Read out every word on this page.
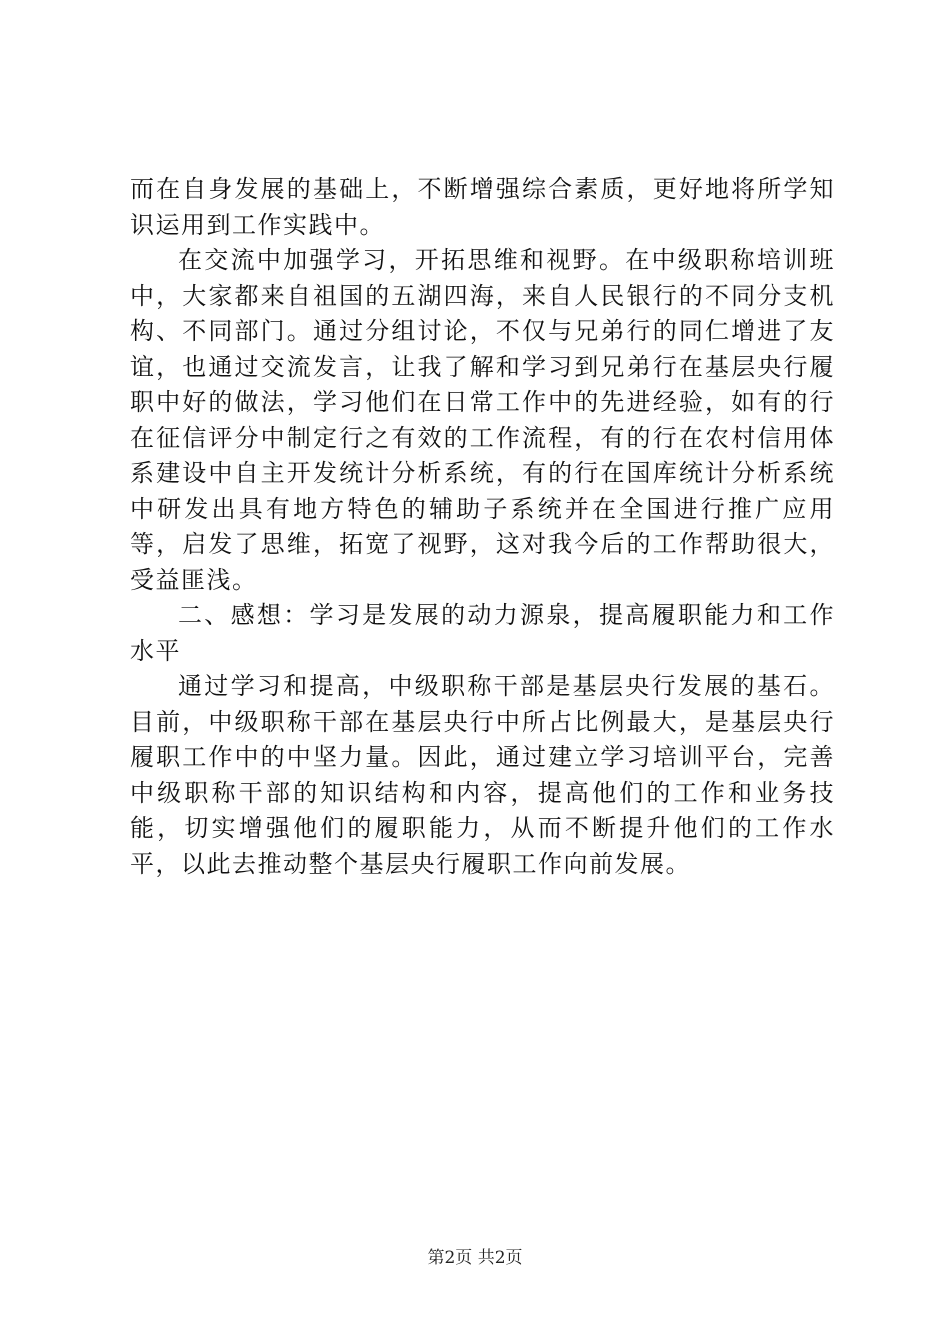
而在自身发展的基础上，不断增强综合素质，更好地将所学知识运用到工作实践中。

在交流中加强学习，开拓思维和视野。在中级职称培训班中，大家都来自祖国的五湖四海，来自人民银行的不同分支机构、不同部门。通过分组讨论，不仅与兄弟行的同仁增进了友谊，也通过交流发言，让我了解和学习到兄弟行在基层央行履职中好的做法，学习他们在日常工作中的先进经验，如有的行在征信评分中制定行之有效的工作流程，有的行在农村信用体系建设中自主开发统计分析系统，有的行在国库统计分析系统中研发出具有地方特色的辅助子系统并在全国进行推广应用等，启发了思维，拓宽了视野，这对我今后的工作帮助很大，受益匪浅。

二、感想：学习是发展的动力源泉，提高履职能力和工作水平

通过学习和提高，中级职称干部是基层央行发展的基石。目前，中级职称干部在基层央行中所占比例最大，是基层央行履职工作中的中坚力量。因此，通过建立学习培训平台，完善中级职称干部的知识结构和内容，提高他们的工作和业务技能，切实增强他们的履职能力，从而不断提升他们的工作水平，以此去推动整个基层央行履职工作向前发展。

第2页 共2页
